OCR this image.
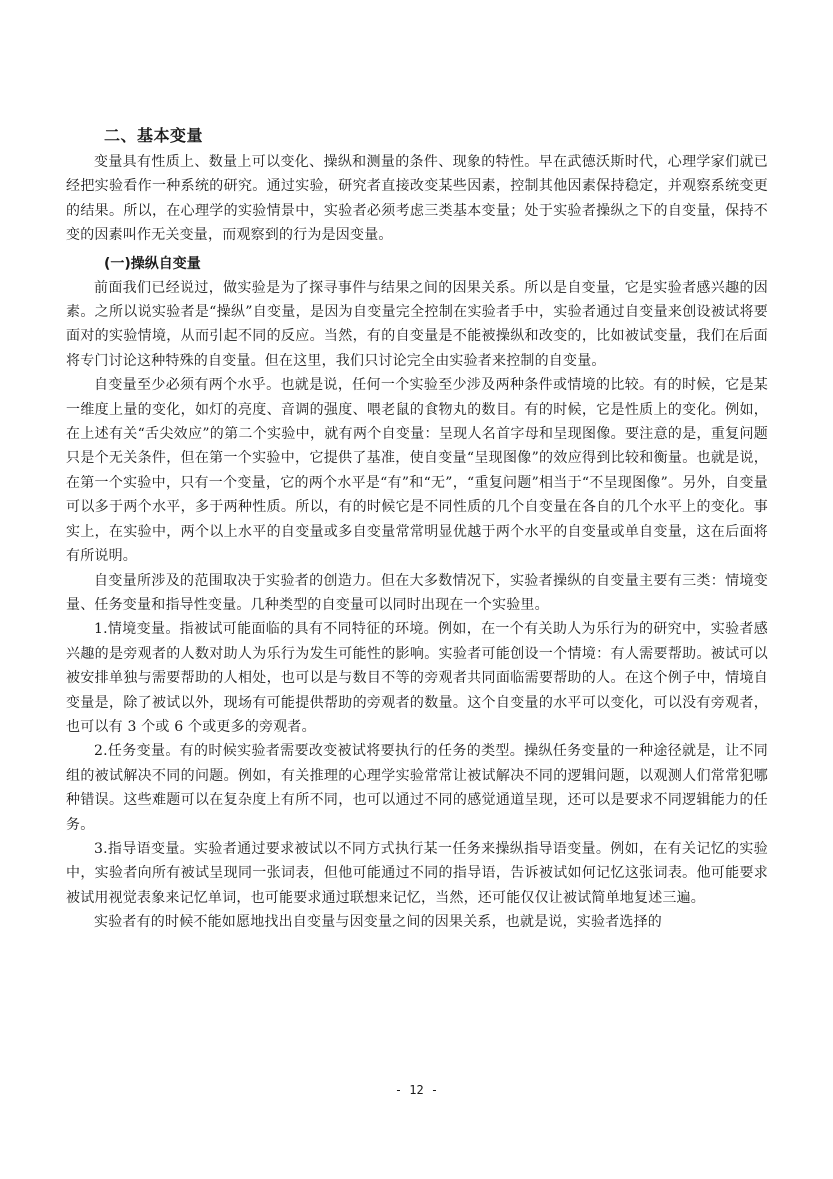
二、基本变量

变量具有性质上、数量上可以变化、操纵和测量的条件、现象的特性。早在武德沃斯时代，心理学家们就已经把实验看作一种系统的研究。通过实验，研究者直接改变某些因素，控制其他因素保持稳定，并观察系统变更的结果。所以，在心理学的实验情景中，实验者必须考虑三类基本变量；处于实验者操纵之下的自变量，保持不变的因素叫作无关变量，而观察到的行为是因变量。

(一)操纵自变量

前面我们已经说过，做实验是为了探寻事件与结果之间的因果关系。所以是自变量，它是实验者感兴趣的因素。之所以说实验者是“操纵”自变量，是因为自变量完全控制在实验者手中，实验者通过自变量来创设被试将要面对的实验情境，从而引起不同的反应。当然，有的自变量是不能被操纵和改变的，比如被试变量，我们在后面将专门讨论这种特殊的自变量。但在这里，我们只讨论完全由实验者来控制的自变量。

自变量至少必须有两个水乎。也就是说，任何一个实验至少涉及两种条件或情境的比较。有的时候，它是某一维度上量的变化，如灯的亮度、音调的强度、喂老鼠的食物丸的数目。有的时候，它是性质上的变化。例如，在上述有关“舌尖效应”的第二个实验中，就有两个自变量：呈现人名首字母和呈现图像。要注意的是，重复问题只是个无关条件，但在第一个实验中，它提供了基准，使自变量“呈现图像”的效应得到比较和衡量。也就是说，在第一个实验中，只有一个变量，它的两个水平是“有”和“无”，“重复问题”相当于“不呈现图像”。另外，自变量可以多于两个水平，多于两种性质。所以，有的时候它是不同性质的几个自变量在各自的几个水平上的变化。事实上，在实验中，两个以上水平的自变量或多自变量常常明显优越于两个水平的自变量或单自变量，这在后面将有所说明。

自变量所涉及的范围取决于实验者的创造力。但在大多数情况下，实验者操纵的自变量主要有三类：情境变量、任务变量和指导性变量。几种类型的自变量可以同时出现在一个实验里。

1.情境变量。指被试可能面临的具有不同特征的环境。例如，在一个有关助人为乐行为的研究中，实验者感兴趣的是旁观者的人数对助人为乐行为发生可能性的影响。实验者可能创设一个情境：有人需要帮助。被试可以被安排单独与需要帮助的人相处，也可以是与数目不等的旁观者共同面临需要帮助的人。在这个例子中，情境自变量是，除了被试以外，现场有可能提供帮助的旁观者的数量。这个自变量的水平可以变化，可以没有旁观者，也可以有 3 个或 6 个或更多的旁观者。

2.任务变量。有的时候实验者需要改变被试将要执行的任务的类型。操纵任务变量的一种途径就是，让不同组的被试解决不同的问题。例如，有关推理的心理学实验常常让被试解决不同的逻辑问题，以观测人们常常犯哪种错误。这些难题可以在复杂度上有所不同，也可以通过不同的感觉通道呈现，还可以是要求不同逻辑能力的任务。

3.指导语变量。实验者通过要求被试以不同方式执行某一任务来操纵指导语变量。例如，在有关记忆的实验中，实验者向所有被试呈现同一张词表，但他可能通过不同的指导语，告诉被试如何记忆这张词表。他可能要求被试用视觉表象来记忆单词，也可能要求通过联想来记忆，当然，还可能仅仅让被试简单地复述三遍。

实验者有的时候不能如愿地找出自变量与因变量之间的因果关系，也就是说，实验者选择的

- 12 -
